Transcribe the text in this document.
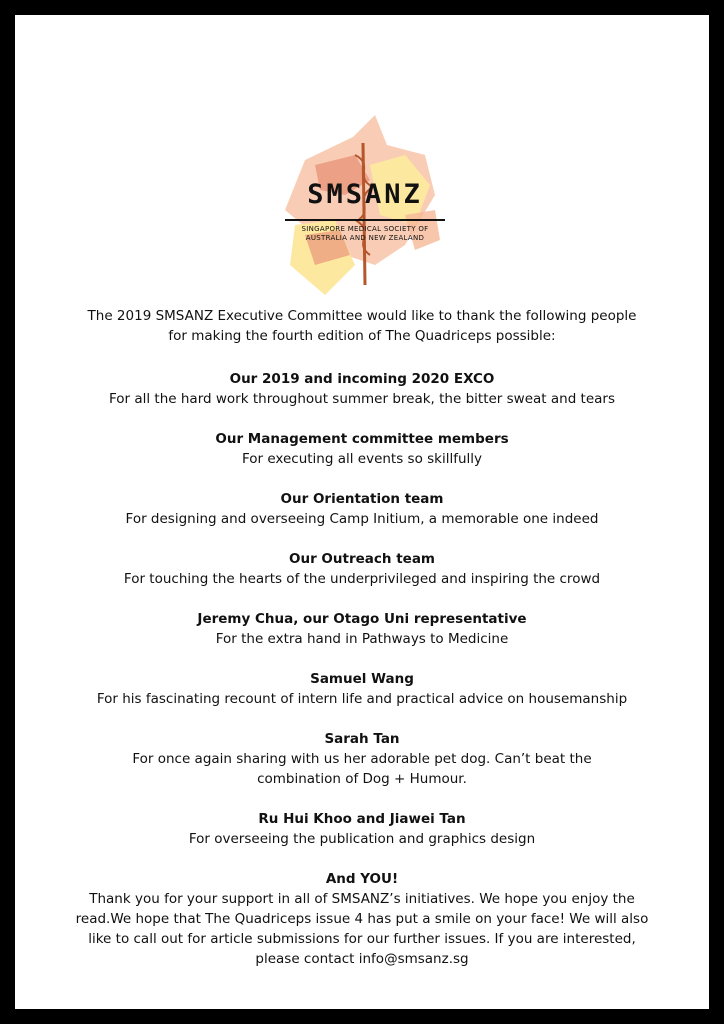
SMSANZ
SINGAPORE MEDICAL SOCIETY OF
AUSTRALIA AND NEW ZEALAND

The 2019 SMSANZ Executive Committee would like to thank the following people for making the fourth edition of The Quadriceps possible:

Our 2019 and incoming 2020 EXCO

For all the hard work throughout summer break, the bitter sweat and tears

Our Management committee members

For executing all events so skillfully

Our Orientation team

For designing and overseeing Camp Initium, a memorable one indeed

Our Outreach team

For touching the hearts of the underprivileged and inspiring the crowd

Jeremy Chua, our Otago Uni representative

For the extra hand in Pathways to Medicine

Samuel Wang

For his fascinating recount of intern life and practical advice on housemanship

Sarah Tan

For once again sharing with us her adorable pet dog. Can’t beat the combination of Dog + Humour.

Ru Hui Khoo and Jiawei Tan

For overseeing the publication and graphics design

And YOU!

Thank you for your support in all of SMSANZ’s initiatives. We hope you enjoy the read.We hope that The Quadriceps issue 4 has put a smile on your face! We will also like to call out for article submissions for our further issues. If you are interested, please contact info@smsanz.sg
